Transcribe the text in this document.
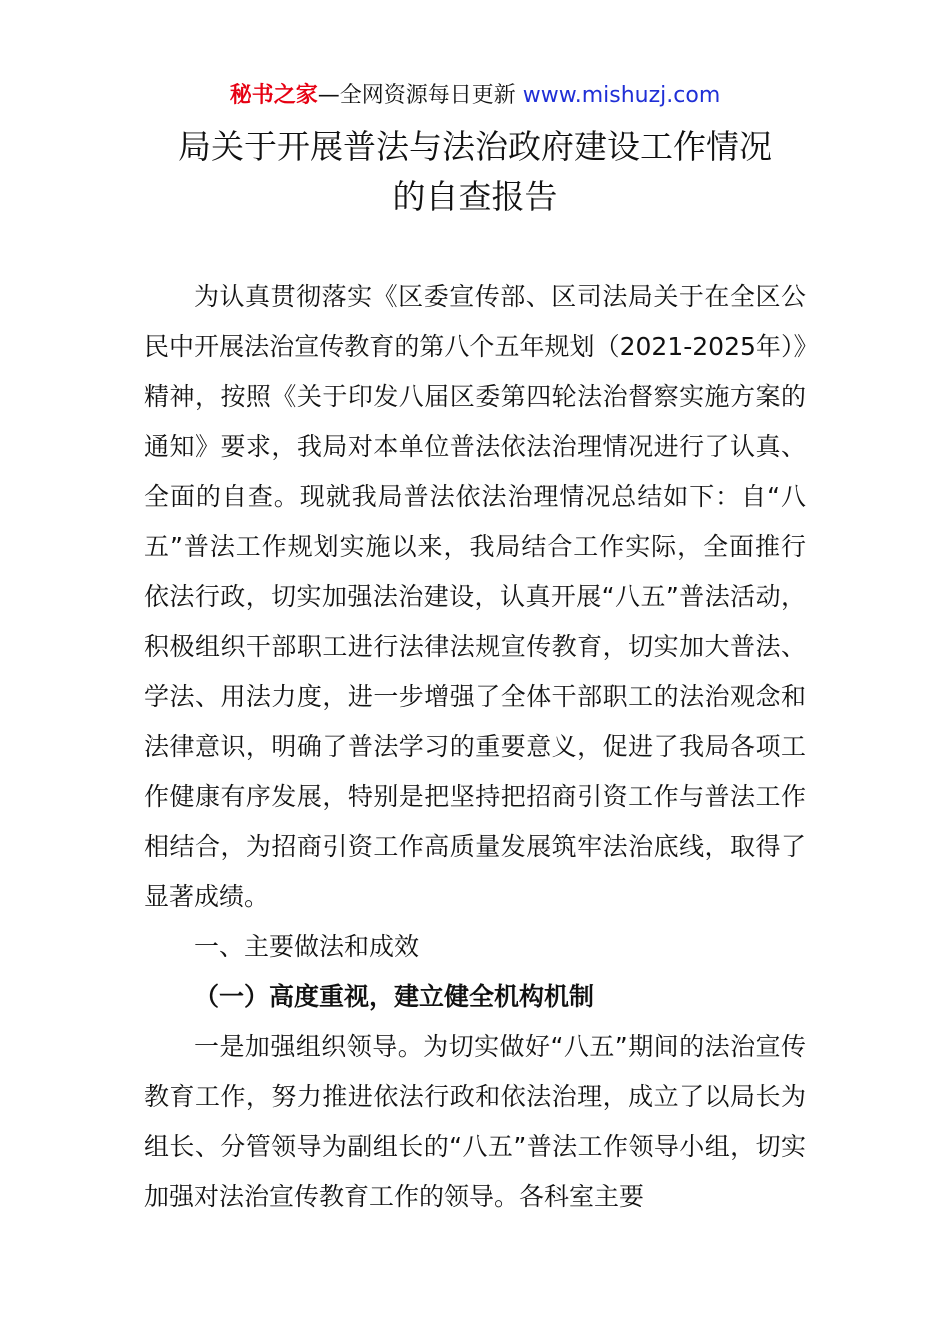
秘书之家—全网资源每日更新 www.mishuzj.com
局关于开展普法与法治政府建设工作情况
的自查报告

为认真贯彻落实《区委宣传部、区司法局关于在全区公民中开展法治宣传教育的第八个五年规划（2021-2025年）》精神，按照《关于印发八届区委第四轮法治督察实施方案的通知》要求，我局对本单位普法依法治理情况进行了认真、全面的自查。现就我局普法依法治理情况总结如下：自“八五”普法工作规划实施以来，我局结合工作实际，全面推行依法行政，切实加强法治建设，认真开展“八五”普法活动，积极组织干部职工进行法律法规宣传教育，切实加大普法、学法、用法力度，进一步增强了全体干部职工的法治观念和法律意识，明确了普法学习的重要意义，促进了我局各项工作健康有序发展，特别是把坚持把招商引资工作与普法工作相结合，为招商引资工作高质量发展筑牢法治底线，取得了显著成绩。

一、主要做法和成效

（一）高度重视，建立健全机构机制

一是加强组织领导。为切实做好“八五”期间的法治宣传教育工作，努力推进依法行政和依法治理，成立了以局长为组长、分管领导为副组长的“八五”普法工作领导小组，切实加强对法治宣传教育工作的领导。各科室主要
